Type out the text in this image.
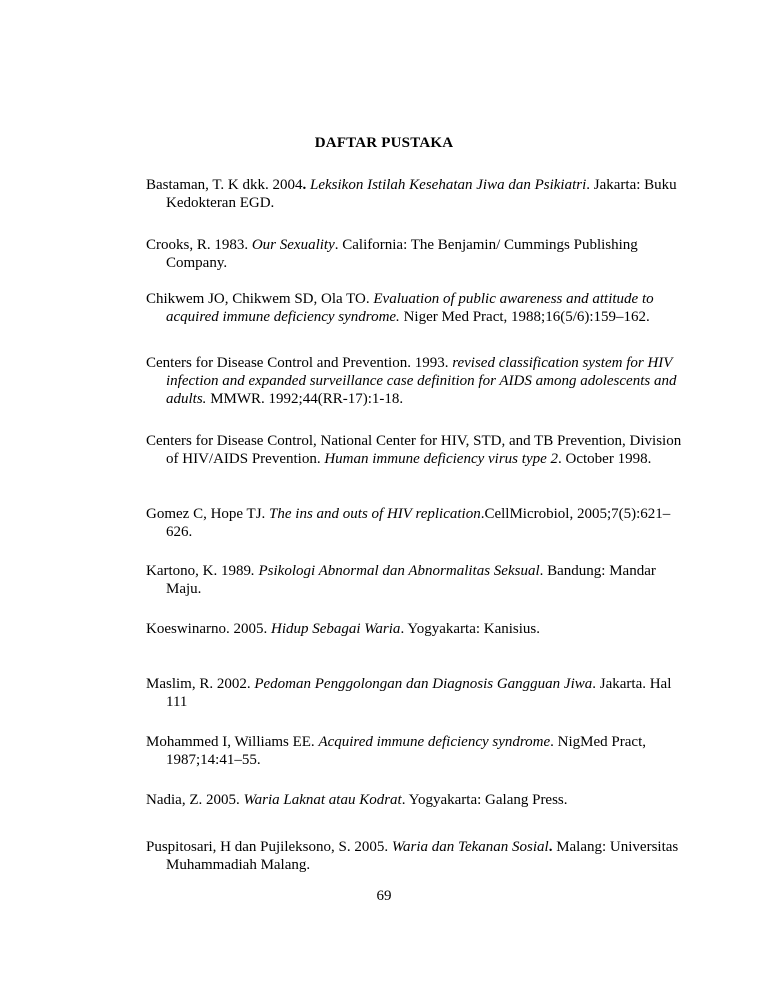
DAFTAR PUSTAKA
Bastaman, T. K dkk. 2004. Leksikon Istilah Kesehatan Jiwa dan Psikiatri. Jakarta: Buku Kedokteran EGD.
Crooks, R. 1983. Our Sexuality. California: The Benjamin/ Cummings Publishing Company.
Chikwem JO, Chikwem SD, Ola TO. Evaluation of public awareness and attitude to acquired immune deficiency syndrome. Niger Med Pract, 1988;16(5/6):159–162.
Centers for Disease Control and Prevention. 1993. revised classification system for HIV infection and expanded surveillance case definition for AIDS among adolescents and adults. MMWR. 1992;44(RR-17):1-18.
Centers for Disease Control, National Center for HIV, STD, and TB Prevention, Division of HIV/AIDS Prevention. Human immune deficiency virus type 2. October 1998.
Gomez C, Hope TJ. The ins and outs of HIV replication.CellMicrobiol, 2005;7(5):621–626.
Kartono, K. 1989. Psikologi Abnormal dan Abnormalitas Seksual. Bandung: Mandar Maju.
Koeswinarno. 2005. Hidup Sebagai Waria. Yogyakarta: Kanisius.
Maslim, R. 2002. Pedoman Penggolongan dan Diagnosis Gangguan Jiwa. Jakarta. Hal 111
Mohammed I, Williams EE. Acquired immune deficiency syndrome. NigMed Pract, 1987;14:41–55.
Nadia, Z. 2005. Waria Laknat atau Kodrat. Yogyakarta: Galang Press.
Puspitosari, H dan Pujileksono, S. 2005. Waria dan Tekanan Sosial. Malang: Universitas Muhammadiah Malang.
69
